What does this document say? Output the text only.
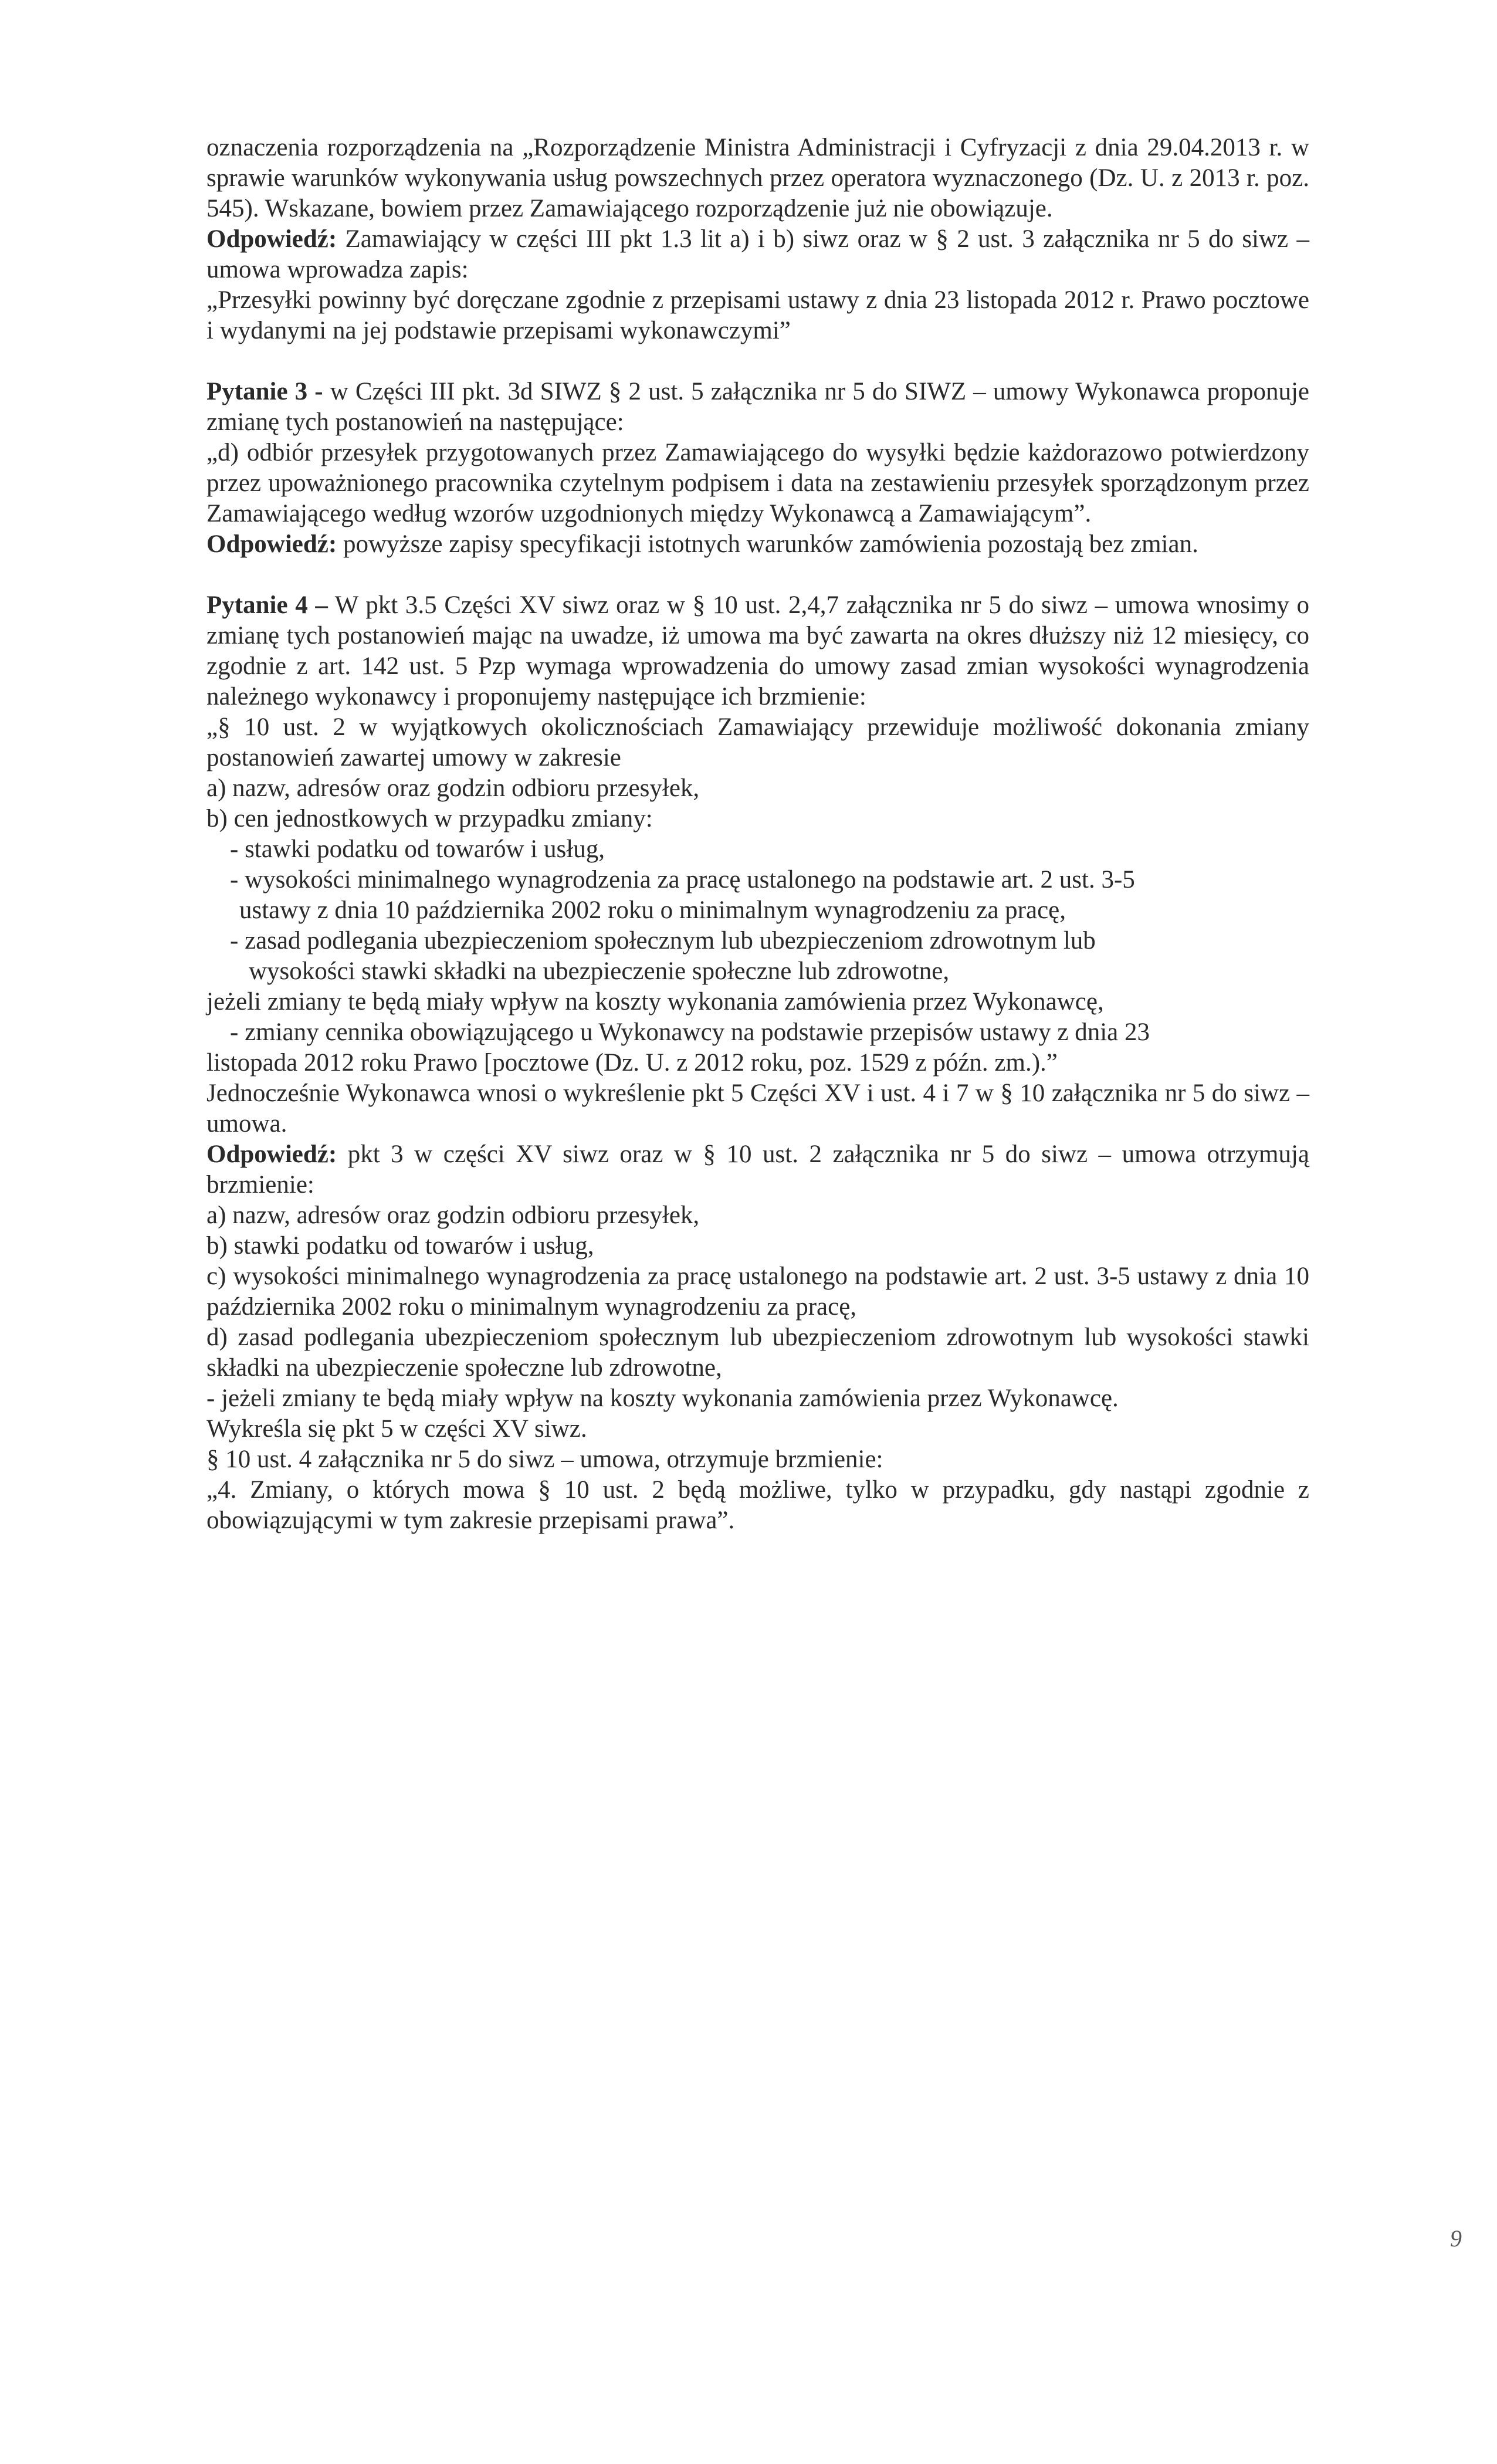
oznaczenia rozporządzenia na „Rozporządzenie Ministra Administracji i Cyfryzacji z dnia 29.04.2013 r. w sprawie warunków wykonywania usług powszechnych przez operatora wyznaczonego (Dz. U. z 2013 r. poz. 545). Wskazane, bowiem przez Zamawiającego rozporządzenie już nie obowiązuje.

Odpowiedź: Zamawiający w części III pkt 1.3 lit a) i b) siwz oraz w § 2 ust. 3 załącznika nr 5 do siwz – umowa wprowadza zapis:

„Przesyłki powinny być doręczane zgodnie z przepisami ustawy z dnia 23 listopada 2012 r. Prawo pocztowe i wydanymi na jej podstawie przepisami wykonawczymi”

Pytanie 3 - w Części III pkt. 3d SIWZ § 2 ust. 5 załącznika nr 5 do SIWZ – umowy Wykonawca proponuje zmianę tych postanowień na następujące:

„d) odbiór przesyłek przygotowanych przez Zamawiającego do wysyłki będzie każdorazowo potwierdzony przez upoważnionego pracownika czytelnym podpisem i data na zestawieniu przesyłek sporządzonym przez Zamawiającego według wzorów uzgodnionych między Wykonawcą a Zamawiającym”.

Odpowiedź: powyższe zapisy specyfikacji istotnych warunków zamówienia pozostają bez zmian.

Pytanie 4 – W pkt 3.5 Części XV siwz oraz w § 10 ust. 2,4,7 załącznika nr 5 do siwz – umowa wnosimy o zmianę tych postanowień mając na uwadze, iż umowa ma być zawarta na okres dłuższy niż 12 miesięcy, co zgodnie z art. 142 ust. 5 Pzp wymaga wprowadzenia do umowy zasad zmian wysokości wynagrodzenia należnego wykonawcy i proponujemy następujące ich brzmienie:

„§ 10 ust. 2 w wyjątkowych okolicznościach Zamawiający przewiduje możliwość dokonania zmiany postanowień zawartej umowy w zakresie

a) nazw, adresów oraz godzin odbioru przesyłek,

b) cen jednostkowych w przypadku zmiany:

- stawki podatku od towarów i usług,

- wysokości minimalnego wynagrodzenia za pracę ustalonego na podstawie art. 2 ust. 3-5

ustawy z dnia 10 października 2002 roku o minimalnym wynagrodzeniu za pracę,

- zasad podlegania ubezpieczeniom społecznym lub ubezpieczeniom zdrowotnym lub

wysokości stawki składki na ubezpieczenie społeczne lub zdrowotne,

jeżeli zmiany te będą miały wpływ na koszty wykonania zamówienia przez Wykonawcę,

- zmiany cennika obowiązującego u Wykonawcy na podstawie przepisów ustawy z dnia 23

listopada 2012 roku Prawo [pocztowe (Dz. U. z 2012 roku, poz. 1529 z późn. zm.).”

Jednocześnie Wykonawca wnosi o wykreślenie pkt 5 Części XV i ust. 4 i 7 w § 10 załącznika nr 5 do siwz – umowa.

Odpowiedź: pkt 3 w części XV siwz oraz w § 10 ust. 2 załącznika nr 5 do siwz – umowa otrzymują brzmienie:

a) nazw, adresów oraz godzin odbioru przesyłek,

b) stawki podatku od towarów i usług,

c) wysokości minimalnego wynagrodzenia za pracę ustalonego na podstawie art. 2 ust. 3-5 ustawy z dnia 10 października 2002 roku o minimalnym wynagrodzeniu za pracę,

d) zasad podlegania ubezpieczeniom społecznym lub ubezpieczeniom zdrowotnym lub wysokości stawki składki na ubezpieczenie społeczne lub zdrowotne,

- jeżeli zmiany te będą miały wpływ na koszty wykonania zamówienia przez Wykonawcę.

Wykreśla się pkt 5 w części XV siwz.

§ 10 ust. 4 załącznika nr 5 do siwz – umowa, otrzymuje brzmienie:

„4. Zmiany, o których mowa § 10 ust. 2 będą możliwe, tylko w przypadku, gdy nastąpi zgodnie z obowiązującymi w tym zakresie przepisami prawa”.

9
